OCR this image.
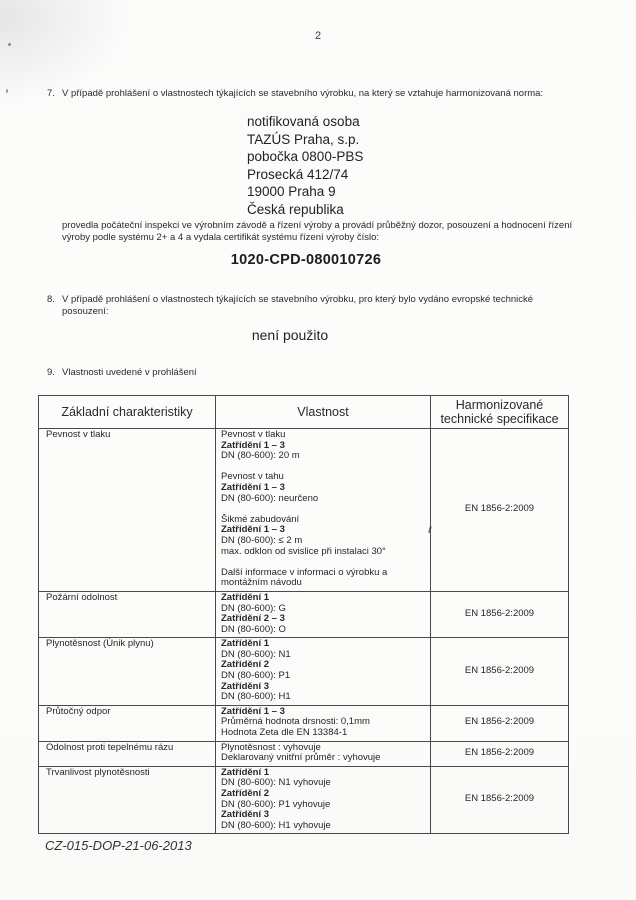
2
7. V případě prohlášení o vlastnostech týkajících se stavebního výrobku, na který se vztahuje harmonizovaná norma:
notifikovaná osoba
TAZÚS Praha, s.p.
pobočka 0800-PBS
Prosecká 412/74
19000 Praha 9
Česká republika
provedla počáteční inspekci ve výrobním závodě a řízení výroby a provádí průběžný dozor, posouzení a hodnocení řízení výroby podle systému 2+ a 4 a vydala certifikát systému řízení výroby číslo:
1020-CPD-080010726
8. V případě prohlášení o vlastnostech týkajících se stavebního výrobku, pro který bylo vydáno evropské technické posouzení:
není použito
9. Vlastnosti uvedené v prohlášení
Základní charakteristiky	Vlastnost	Harmonizované technické specifikace
Pevnost v tlaku	Pevnost v tlaku
Zatřídění 1 – 3
DN (80-600): 20 m
Pevnost v tahu
Zatřídění 1 – 3
DN (80-600): neurčeno
Šikmé zabudování
Zatřídění 1 – 3
DN (80-600): ≤ 2 m
max. odklon od svislice při instalaci 30°
Další informace v informaci o výrobku a montážním návodu
	EN 1856-2:2009
Požární odolnost	Zatřídění 1
DN (80-600): G
Zatřídění 2 – 3
DN (80-600): O	EN 1856-2:2009
Plynotěsnost (Únik plynu)	Zatřídění 1
DN (80-600): N1
Zatřídění 2
DN (80-600): P1
Zatřídění 3
DN (80-600): H1
	EN 1856-2:2009
Průtočný odpor	Zatřídění 1 – 3
Průměrná hodnota drsnosti: 0,1mm
Hodnota Zeta dle EN 13384-1	EN 1856-2:2009
Odolnost proti tepelnému rázu	Plynotěsnost : vyhovuje
Deklarovaný vnitřní průměr : vyhovuje	EN 1856-2:2009
Trvanlivost plynotěsnosti	Zatřídění 1
DN (80-600): N1 vyhovuje
Zatřídění 2
DN (80-600): P1 vyhovuje
Zatřídění 3
DN (80-600): H1 vyhovuje
	EN 1856-2:2009
CZ-015-DOP-21-06-2013
